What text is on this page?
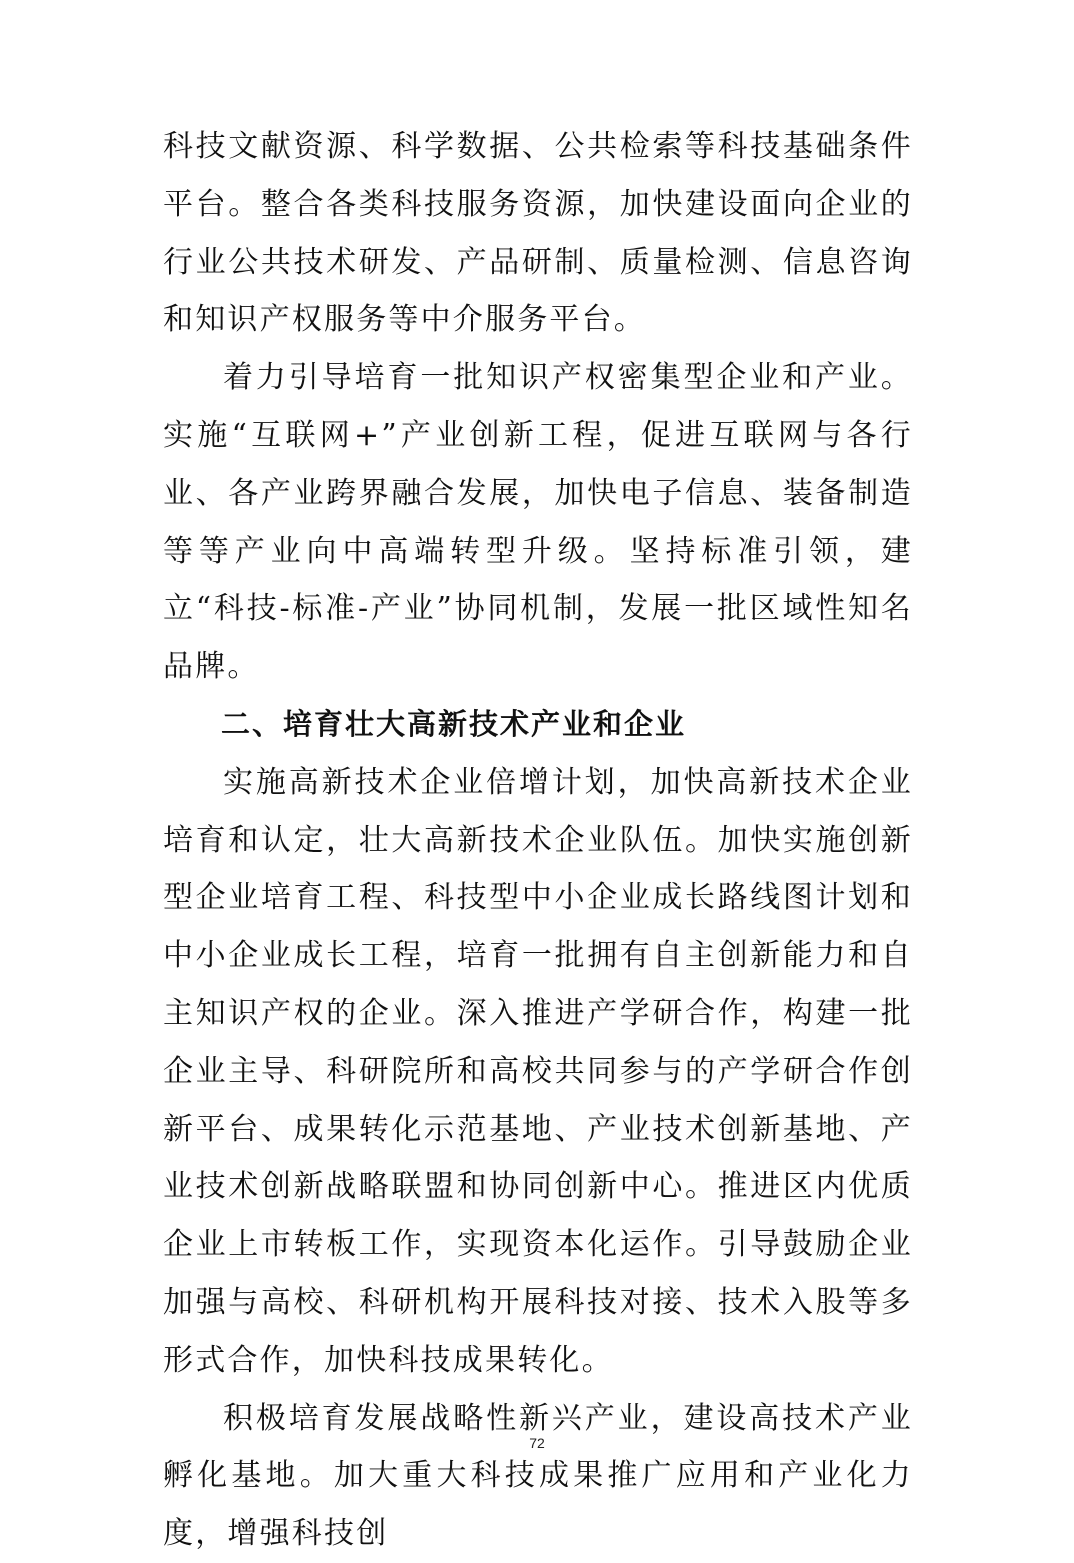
科技文献资源、科学数据、公共检索等科技基础条件平台。整合各类科技服务资源，加快建设面向企业的行业公共技术研发、产品研制、质量检测、信息咨询和知识产权服务等中介服务平台。

着力引导培育一批知识产权密集型企业和产业。实施“互联网+”产业创新工程，促进互联网与各行业、各产业跨界融合发展，加快电子信息、装备制造等等产业向中高端转型升级。坚持标准引领，建立“科技-标准-产业”协同机制，发展一批区域性知名品牌。

二、培育壮大高新技术产业和企业

实施高新技术企业倍增计划，加快高新技术企业培育和认定，壮大高新技术企业队伍。加快实施创新型企业培育工程、科技型中小企业成长路线图计划和中小企业成长工程，培育一批拥有自主创新能力和自主知识产权的企业。深入推进产学研合作，构建一批企业主导、科研院所和高校共同参与的产学研合作创新平台、成果转化示范基地、产业技术创新基地、产业技术创新战略联盟和协同创新中心。推进区内优质企业上市转板工作，实现资本化运作。引导鼓励企业加强与高校、科研机构开展科技对接、技术入股等多形式合作，加快科技成果转化。

积极培育发展战略性新兴产业，建设高技术产业孵化基地。加大重大科技成果推广应用和产业化力度，增强科技创

72
